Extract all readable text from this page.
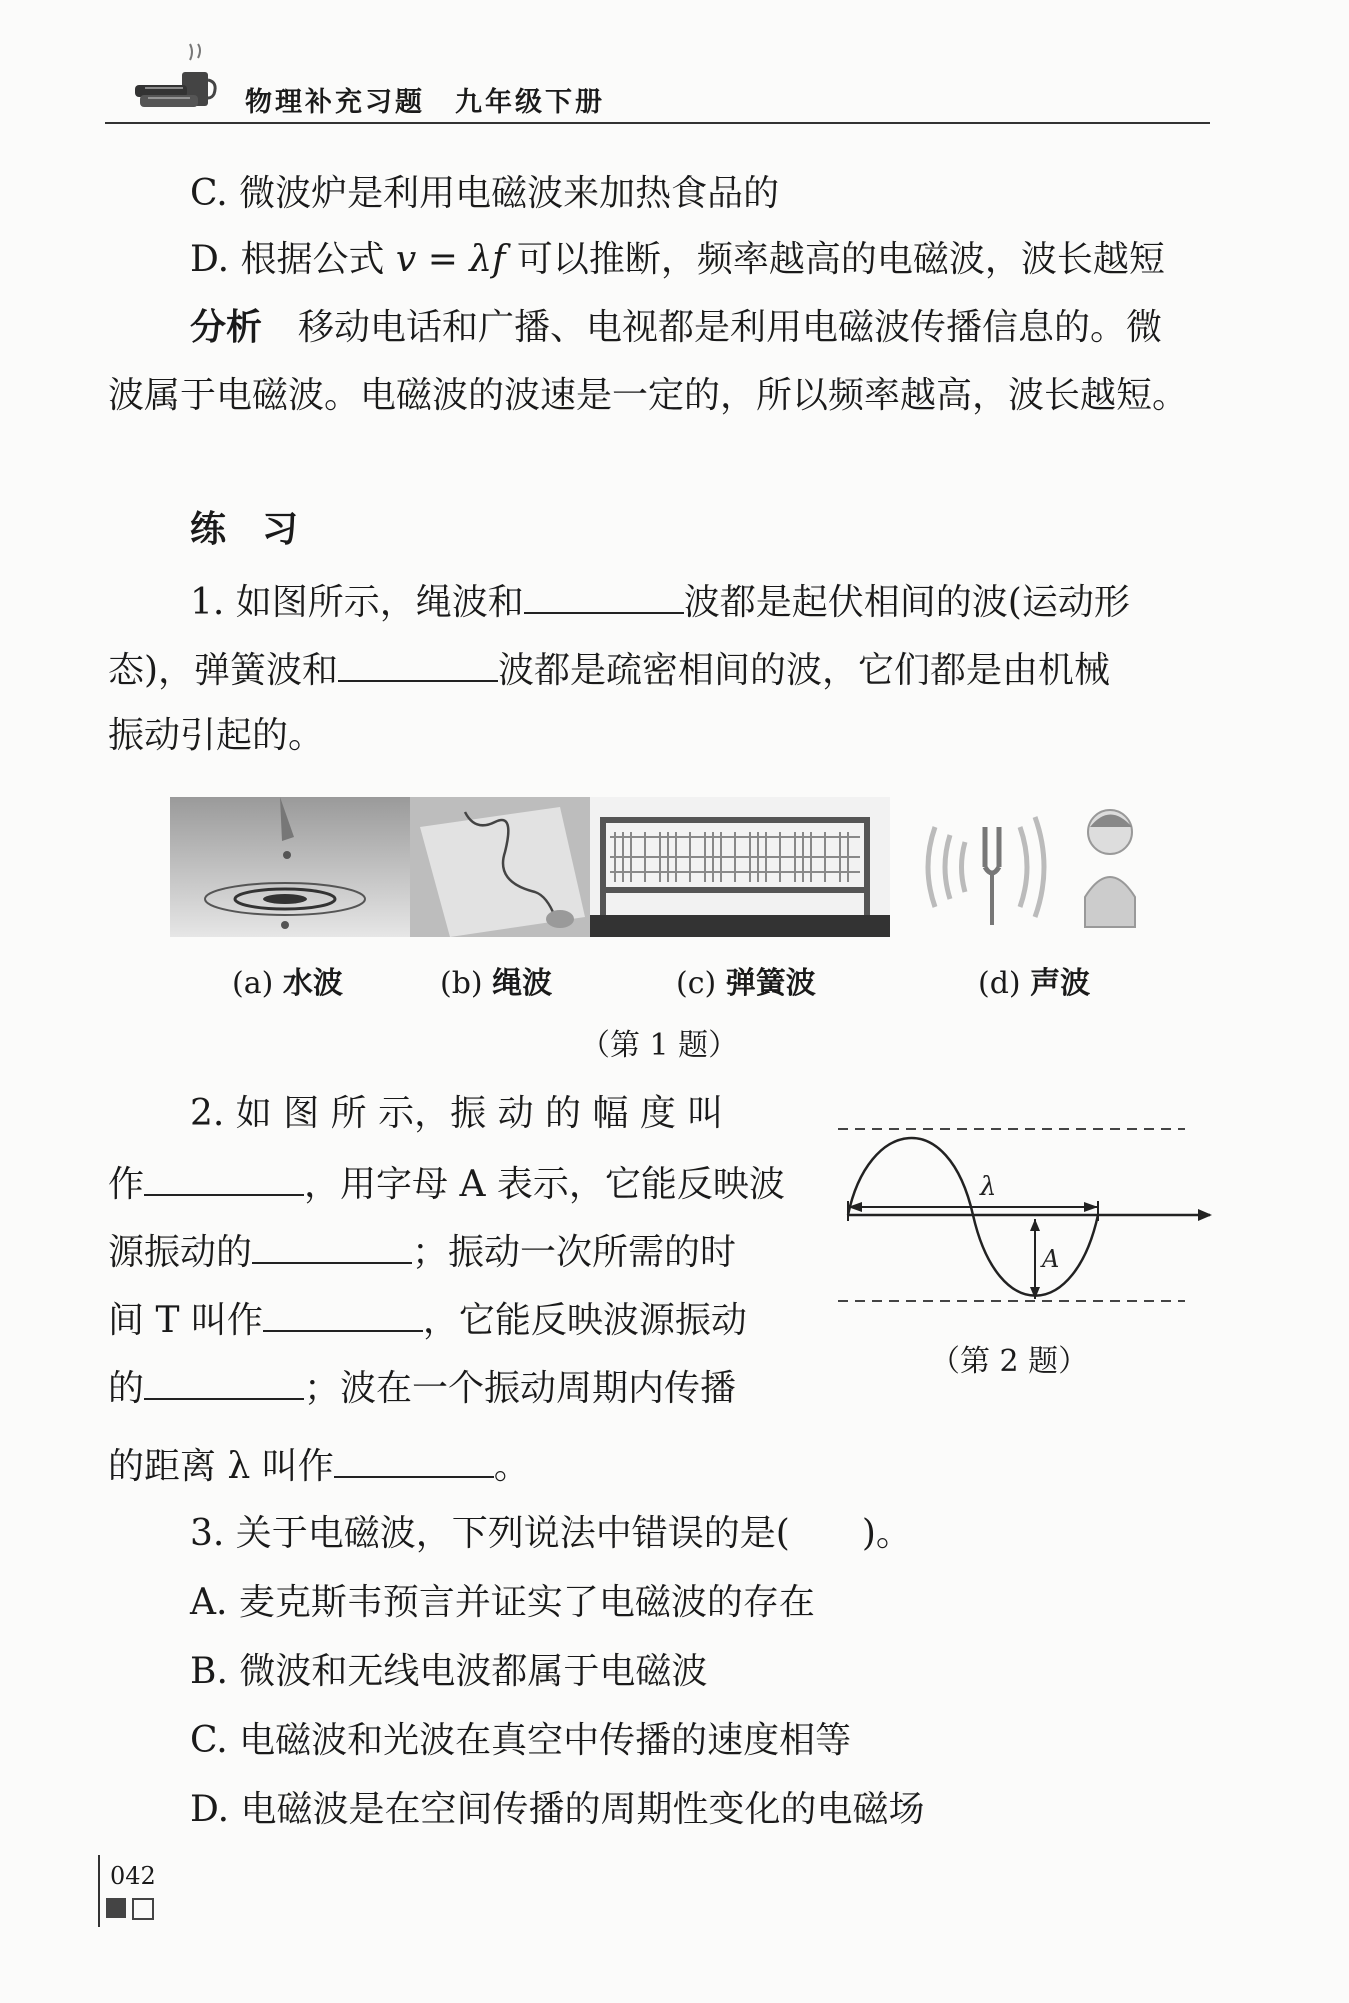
物理补充习题　九年级下册
C. 微波炉是利用电磁波来加热食品的
D. 根据公式 v = λf 可以推断，频率越高的电磁波，波长越短
分析　移动电话和广播、电视都是利用电磁波传播信息的。微
波属于电磁波。电磁波的波速是一定的，所以频率越高，波长越短。
练　习
1. 如图所示，绳波和	波都是起伏相间的波(运动形
态)，弹簧波和	波都是疏密相间的波，它们都是由机械
振动引起的。
(a) 水波	(b) 绳波	(c) 弹簧波	(d) 声波
（第 1 题）
2. 如 图 所 示，振 动 的 幅 度 叫
作	，用字母 A 表示，它能反映波
源振动的	；振动一次所需的时
间 T 叫作	，它能反映波源振动
的	；波在一个振动周期内传播
的距离 λ 叫作	。
λ
A
（第 2 题）
3. 关于电磁波，下列说法中错误的是(　　)。
A. 麦克斯韦预言并证实了电磁波的存在
B. 微波和无线电波都属于电磁波
C. 电磁波和光波在真空中传播的速度相等
D. 电磁波是在空间传播的周期性变化的电磁场
042
